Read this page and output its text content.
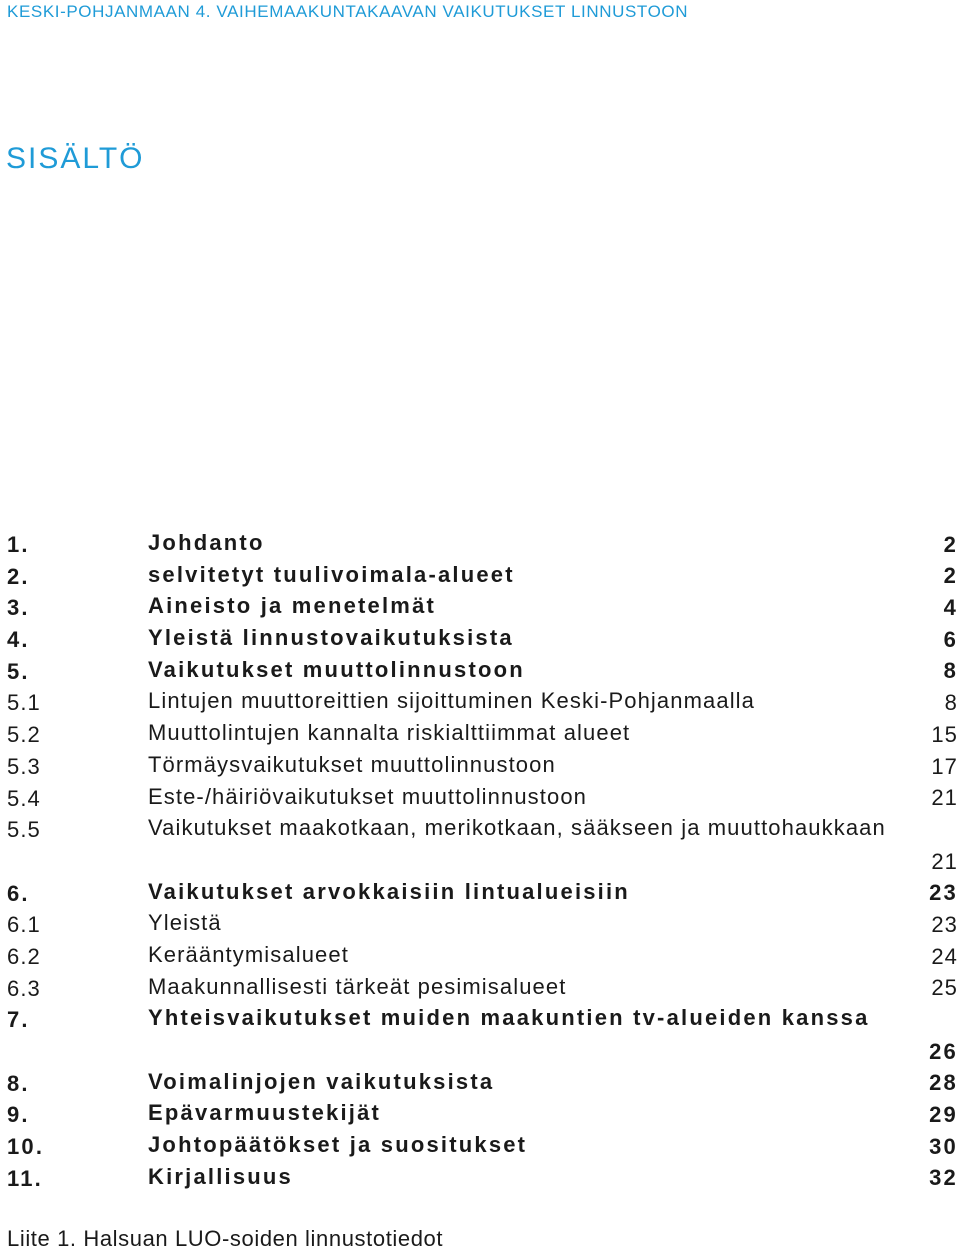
KESKI-POHJANMAAN 4. VAIHEMAAKUNTAKAAVAN VAIKUTUKSET LINNUSTOON
SISÄLTÖ
1.	Johdanto	2
2.	selvitetyt tuulivoimala-alueet	2
3.	Aineisto ja menetelmät	4
4.	Yleistä linnustovaikutuksista	6
5.	Vaikutukset muuttolinnustoon	8
5.1	Lintujen muuttoreittien sijoittuminen Keski-Pohjanmaalla	8
5.2	Muuttolintujen kannalta riskialttiimmat alueet	15
5.3	Törmäysvaikutukset muuttolinnustoon	17
5.4	Este-/häiriövaikutukset muuttolinnustoon	21
5.5	Vaikutukset maakotkaan, merikotkaan, sääkseen ja muuttohaukkaan
21
6.	Vaikutukset arvokkaisiin lintualueisiin	23
6.1	Yleistä	23
6.2	Kerääntymisalueet	24
6.3	Maakunnallisesti tärkeät pesimisalueet	25
7.	Yhteisvaikutukset muiden maakuntien tv-alueiden kanssa
26
8.	Voimalinjojen vaikutuksista	28
9.	Epävarmuustekijät	29
10.	Johtopäätökset ja suositukset	30
11.	Kirjallisuus	32
Liite 1. Halsuan LUO-soiden linnustotiedot
